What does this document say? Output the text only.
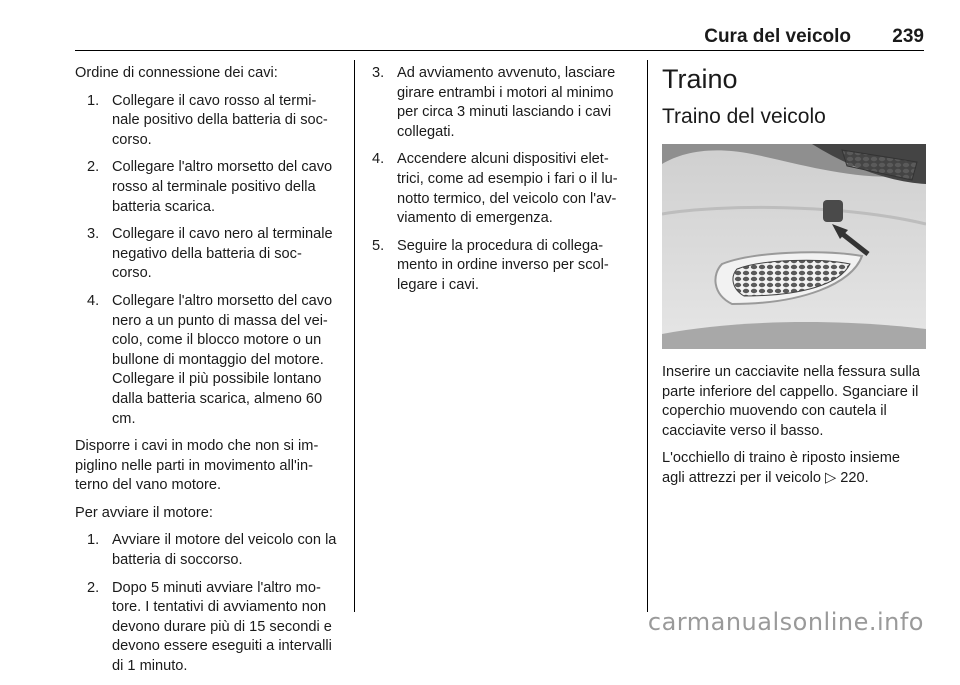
Cura del veicolo 239

Ordine di connessione dei cavi:

1. Collegare il cavo rosso al termi-nale positivo della batteria di soc-corso.
2. Collegare l'altro morsetto del cavo rosso al terminale positivo della batteria scarica.
3. Collegare il cavo nero al terminale negativo della batteria di soc-corso.
4. Collegare l'altro morsetto del cavo nero a un punto di massa del vei-colo, come il blocco motore o un bullone di montaggio del motore. Collegare il più possibile lontano dalla batteria scarica, almeno 60 cm.

Disporre i cavi in modo che non si im-piglino nelle parti in movimento all'in-terno del vano motore.

Per avviare il motore:

1. Avviare il motore del veicolo con la batteria di soccorso.
2. Dopo 5 minuti avviare l'altro mo-tore. I tentativi di avviamento non devono durare più di 15 secondi e devono essere eseguiti a intervalli di 1 minuto.
3. Ad avviamento avvenuto, lasciare girare entrambi i motori al minimo per circa 3 minuti lasciando i cavi collegati.
4. Accendere alcuni dispositivi elet-trici, come ad esempio i fari o il lu-notto termico, del veicolo con l'av-viamento di emergenza.
5. Seguire la procedura di collega-mento in ordine inverso per scol-legare i cavi.
Traino
Traino del veicolo

Inserire un cacciavite nella fessura sulla parte inferiore del cappello. Sganciare il coperchio muovendo con cautela il cacciavite verso il basso.

L'occhiello di traino è riposto insieme agli attrezzi per il veicolo ▷ 220.

carmanualsonline.info
